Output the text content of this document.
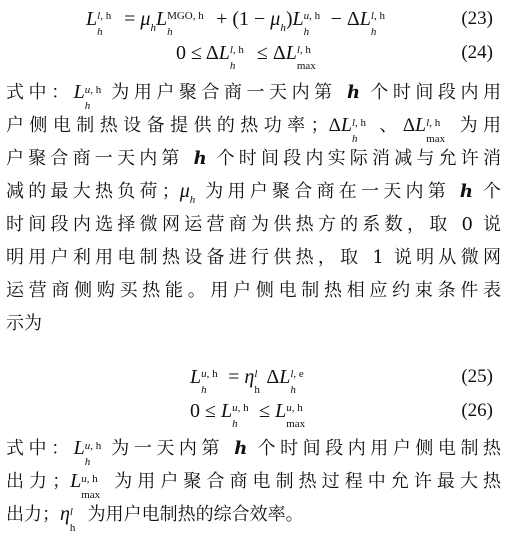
L l, h
h
= $\mu_hL$ MGO, h
h
+ $(1 - \mu_h)L$ u, h
h
− ΔL l, h
h
(23)
0 ≤ ΔL l, h
h
≤ ΔL l, h
max
(24)
式中：L u, h
h
为用户聚合商一天内第 h 个时间段内用
户侧电制热设备提供的热功率；ΔL l, h
h
、ΔL l, h
max
为用
户聚合商一天内第 h 个时间段内实际消减与允许消
减的最大热负荷；$\mu_h$ 为用户聚合商在一天内第 h 个
时间段内选择微网运营商为供热方的系数，取 0 说
明用户利用电制热设备进行供热，取 1 说明从微网
运营商侧购买热能。用户侧电制热相应约束条件表
示为
L u, h
h
= η l
h
ΔL l, e
h
(25)
0 ≤ L u, h
h
≤ L u, h
max
(26)
式中：L u, h
h
为一天内第 h 个时间段内用户侧电制热
出力；L u, h
max
为用户聚合商电制热过程中允许最大热
出力；η l
h
为用户电制热的综合效率。
